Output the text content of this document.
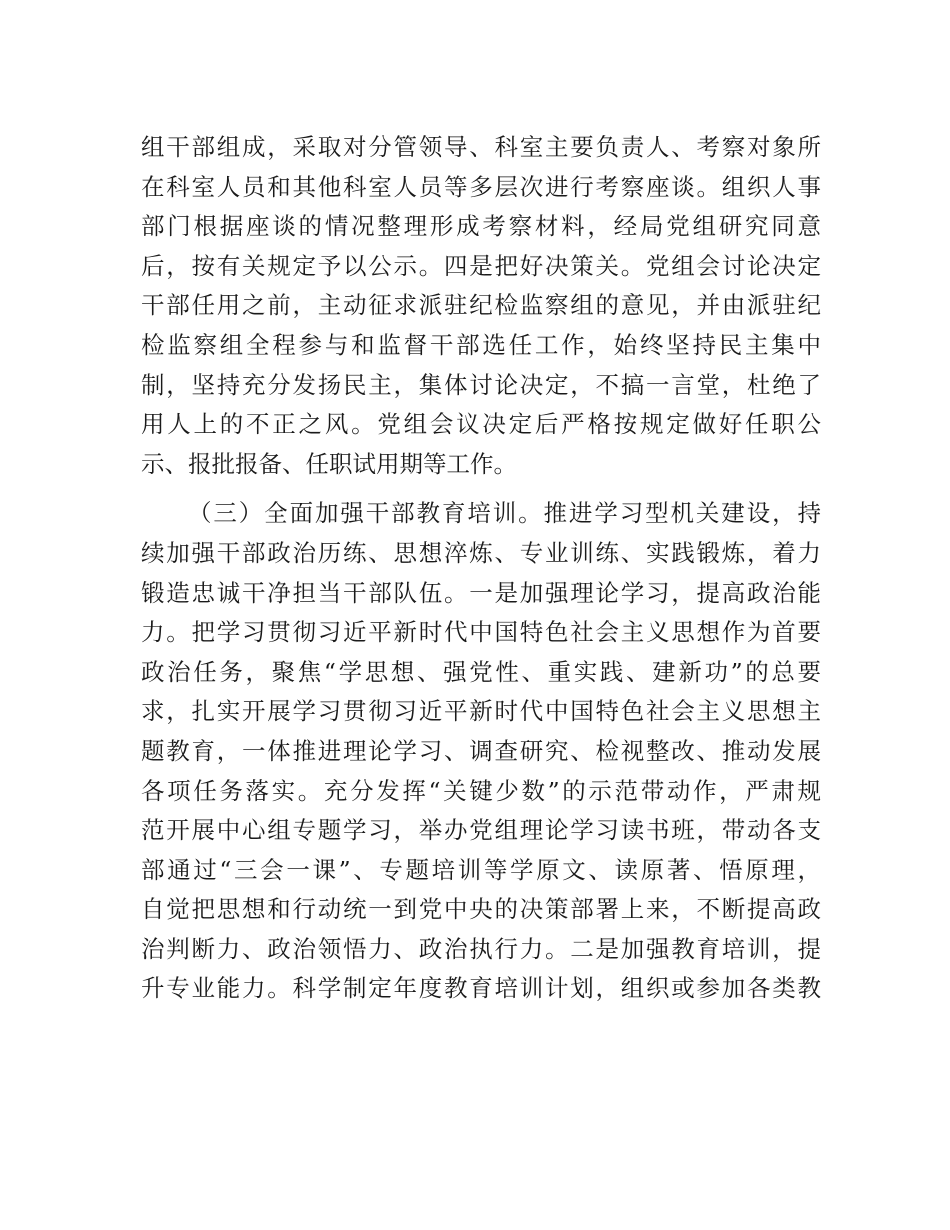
组干部组成，采取对分管领导、科室主要负责人、考察对象所
在科室人员和其他科室人员等多层次进行考察座谈。组织人事
部门根据座谈的情况整理形成考察材料，经局党组研究同意
后，按有关规定予以公示。四是把好决策关。党组会讨论决定
干部任用之前，主动征求派驻纪检监察组的意见，并由派驻纪
检监察组全程参与和监督干部选任工作，始终坚持民主集中
制，坚持充分发扬民主，集体讨论决定，不搞一言堂，杜绝了
用人上的不正之风。党组会议决定后严格按规定做好任职公
示、报批报备、任职试用期等工作。
（三）全面加强干部教育培训。推进学习型机关建设，持
续加强干部政治历练、思想淬炼、专业训练、实践锻炼，着力
锻造忠诚干净担当干部队伍。一是加强理论学习，提高政治能
力。把学习贯彻习近平新时代中国特色社会主义思想作为首要
政治任务，聚焦“学思想、强党性、重实践、建新功”的总要
求，扎实开展学习贯彻习近平新时代中国特色社会主义思想主
题教育，一体推进理论学习、调查研究、检视整改、推动发展
各项任务落实。充分发挥“关键少数”的示范带动作，严肃规
范开展中心组专题学习，举办党组理论学习读书班，带动各支
部通过“三会一课”、专题培训等学原文、读原著、悟原理，
自觉把思想和行动统一到党中央的决策部署上来，不断提高政
治判断力、政治领悟力、政治执行力。二是加强教育培训，提
升专业能力。科学制定年度教育培训计划，组织或参加各类教
